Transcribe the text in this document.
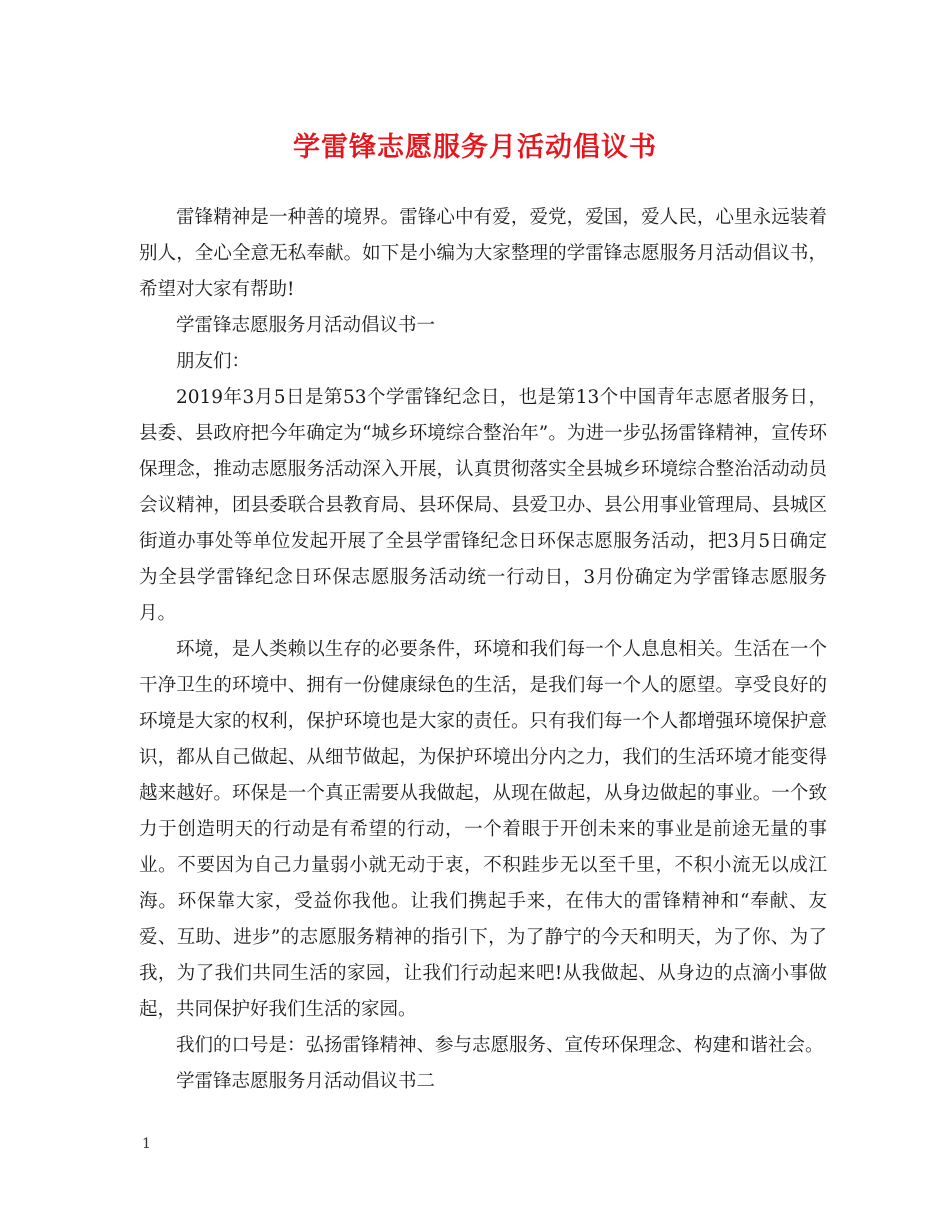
学雷锋志愿服务月活动倡议书

雷锋精神是一种善的境界。雷锋心中有爱，爱党，爱国，爱人民，心里永远装着别人，全心全意无私奉献。如下是小编为大家整理的学雷锋志愿服务月活动倡议书，希望对大家有帮助!

学雷锋志愿服务月活动倡议书一

朋友们：

2019年3月5日是第53个学雷锋纪念日，也是第13个中国青年志愿者服务日，县委、县政府把今年确定为“城乡环境综合整治年”。为进一步弘扬雷锋精神，宣传环保理念，推动志愿服务活动深入开展，认真贯彻落实全县城乡环境综合整治活动动员会议精神，团县委联合县教育局、县环保局、县爱卫办、县公用事业管理局、县城区街道办事处等单位发起开展了全县学雷锋纪念日环保志愿服务活动，把3月5日确定为全县学雷锋纪念日环保志愿服务活动统一行动日，3月份确定为学雷锋志愿服务月。

环境，是人类赖以生存的必要条件，环境和我们每一个人息息相关。生活在一个干净卫生的环境中、拥有一份健康绿色的生活，是我们每一个人的愿望。享受良好的环境是大家的权利，保护环境也是大家的责任。只有我们每一个人都增强环境保护意识，都从自己做起、从细节做起，为保护环境出分内之力，我们的生活环境才能变得越来越好。环保是一个真正需要从我做起，从现在做起，从身边做起的事业。一个致力于创造明天的行动是有希望的行动，一个着眼于开创未来的事业是前途无量的事业。不要因为自己力量弱小就无动于衷，不积跬步无以至千里，不积小流无以成江海。环保靠大家，受益你我他。让我们携起手来，在伟大的雷锋精神和“奉献、友爱、互助、进步”的志愿服务精神的指引下，为了静宁的今天和明天，为了你、为了我，为了我们共同生活的家园，让我们行动起来吧!从我做起、从身边的点滴小事做起，共同保护好我们生活的家园。

我们的口号是：弘扬雷锋精神、参与志愿服务、宣传环保理念、构建和谐社会。

学雷锋志愿服务月活动倡议书二

1
